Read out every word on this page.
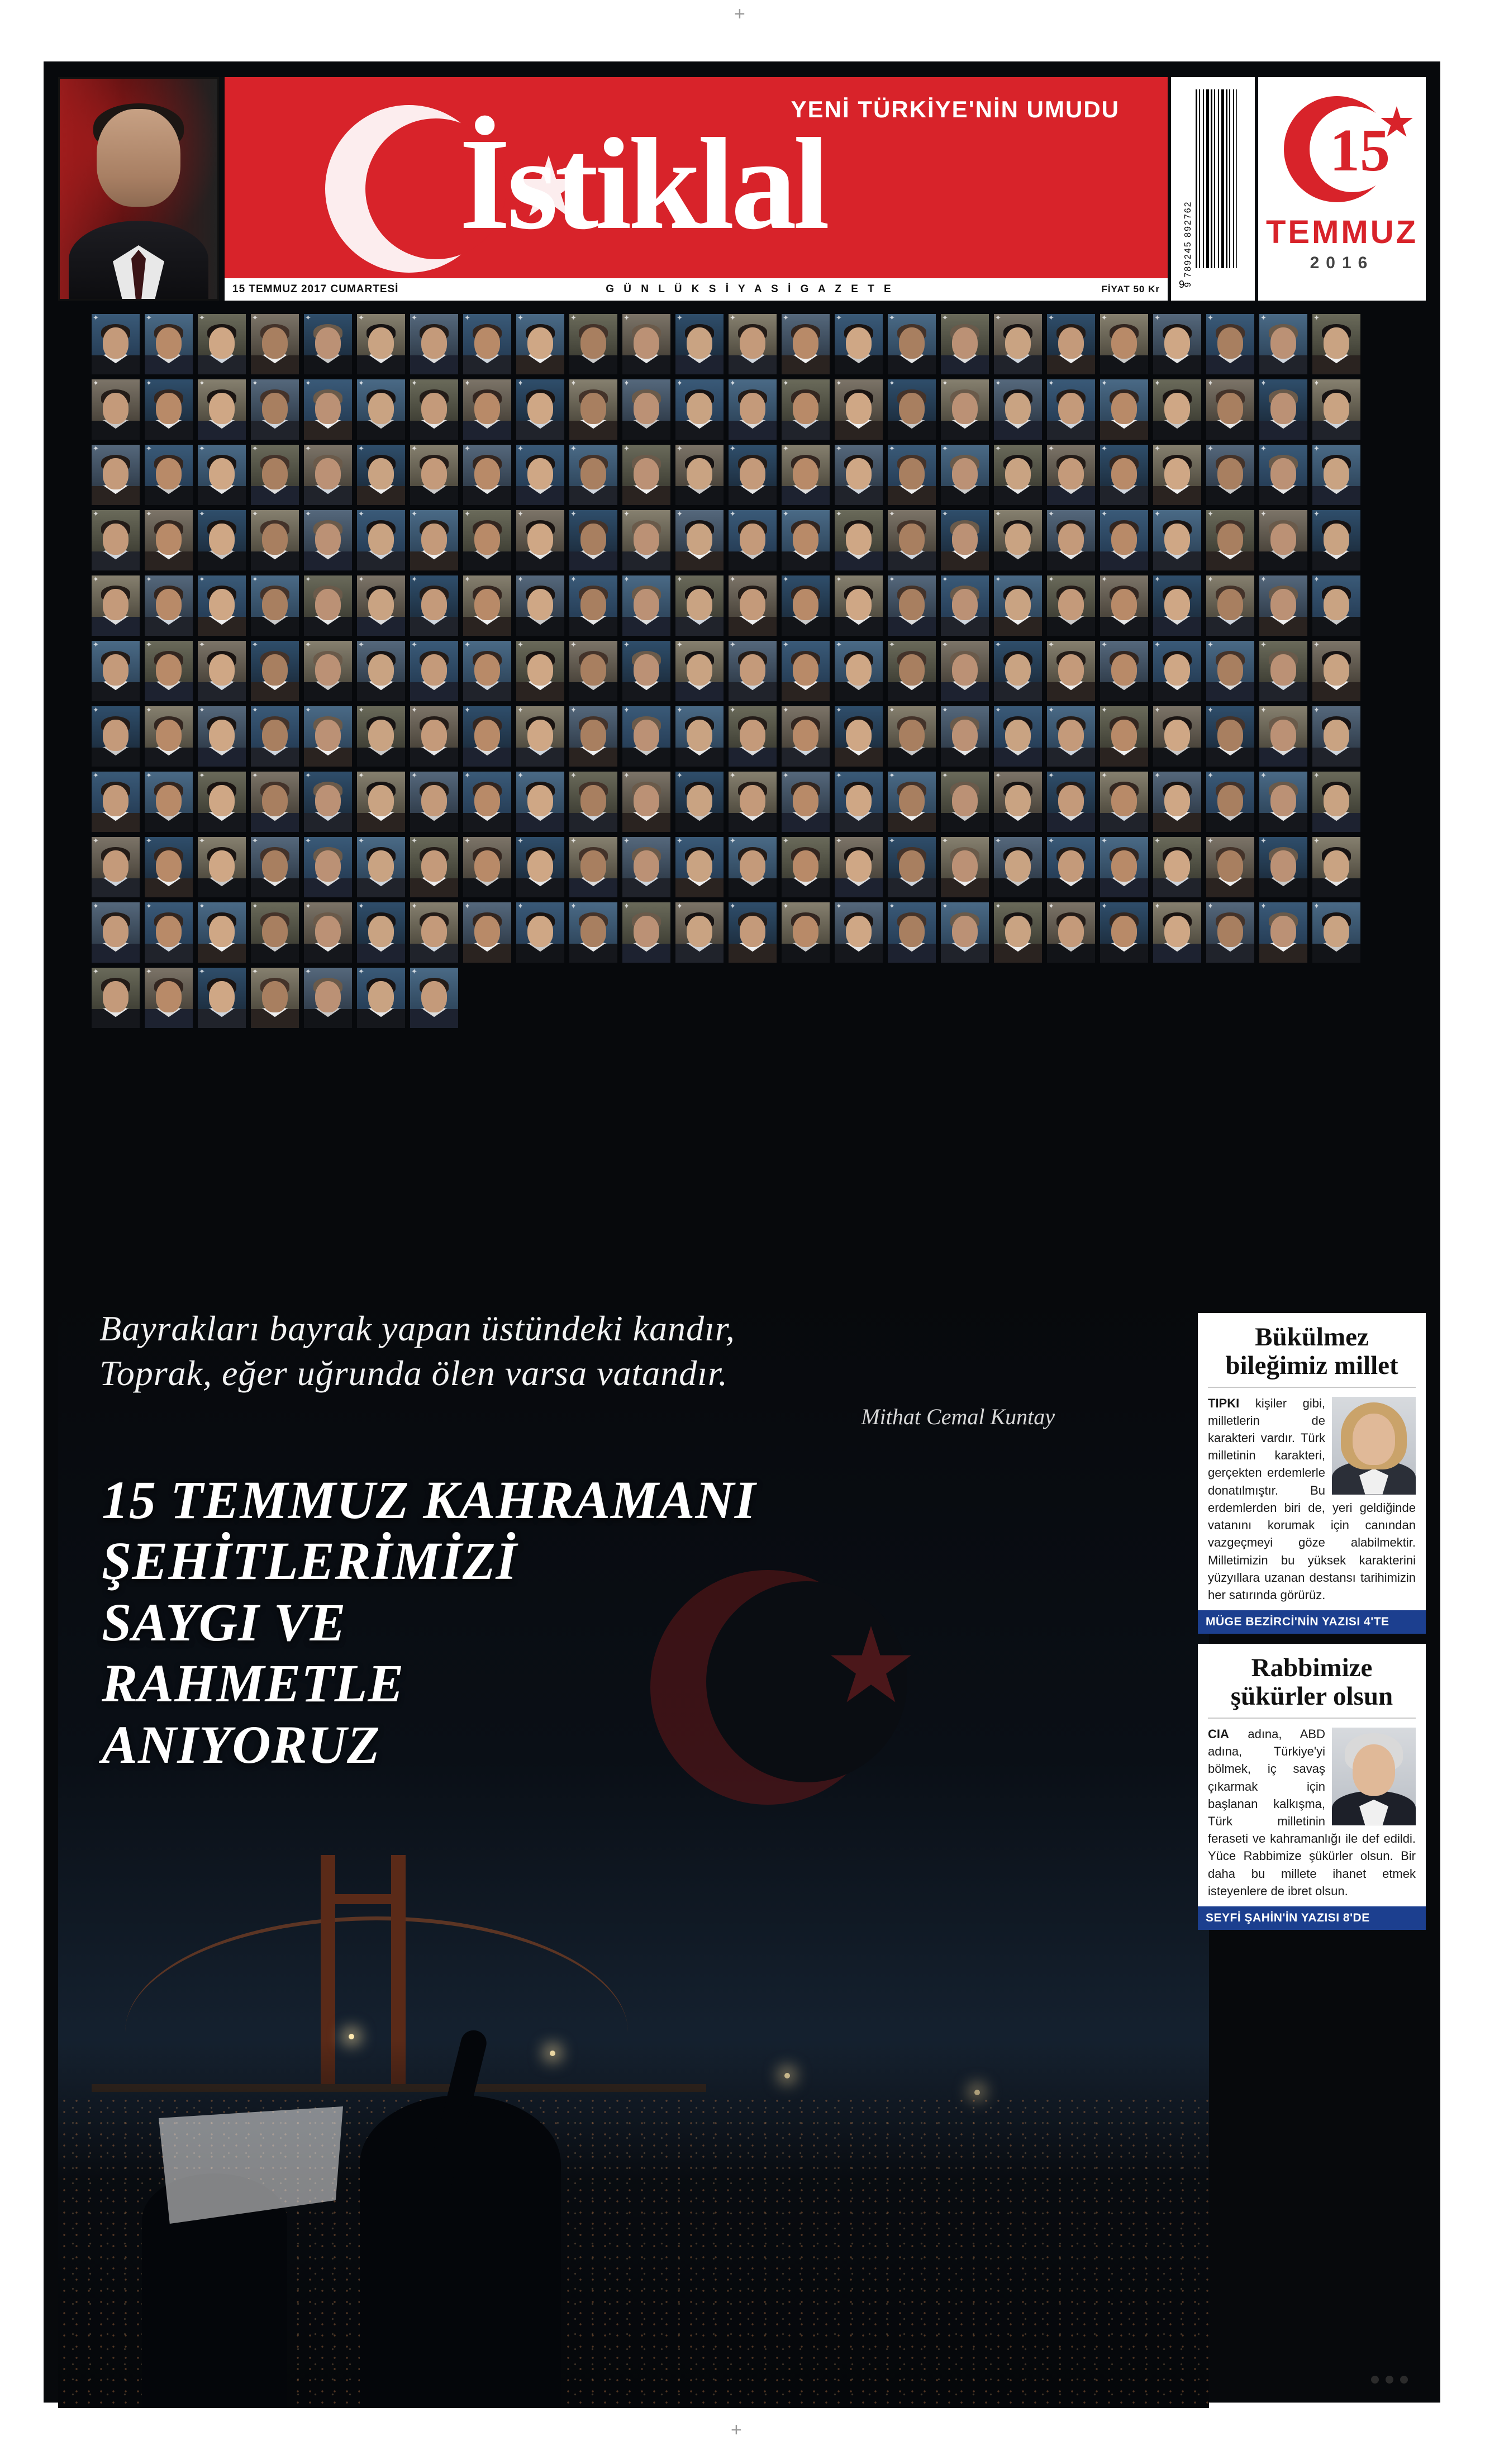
+
+
YENİ TÜRKİYE'NİN UMUDU
İstiklal
15 TEMMUZ 2017 CUMARTESİ	G Ü N L Ü K S İ Y A S İ G A Z E T E	FİYAT 50 Kr
9 789245 892762
9
15
TEMMUZ
2016
✦	✦	✦	✦	✦	✦	✦	✦	✦	✦	✦	✦	✦	✦	✦	✦	✦	✦	✦	✦	✦	✦	✦	✦
✦	✦	✦	✦	✦	✦	✦	✦	✦	✦	✦	✦	✦	✦	✦	✦	✦	✦	✦	✦	✦	✦	✦	✦
✦	✦	✦	✦	✦	✦	✦	✦	✦	✦	✦	✦	✦	✦	✦	✦	✦	✦	✦	✦	✦	✦	✦	✦
✦	✦	✦	✦	✦	✦	✦	✦	✦	✦	✦	✦	✦	✦	✦	✦	✦	✦	✦	✦	✦	✦	✦	✦
✦	✦	✦	✦	✦	✦	✦	✦	✦	✦	✦	✦	✦	✦	✦	✦	✦	✦	✦	✦	✦	✦	✦	✦
✦	✦	✦	✦	✦	✦	✦	✦	✦	✦	✦	✦	✦	✦	✦	✦	✦	✦	✦	✦	✦	✦	✦	✦
✦	✦	✦	✦	✦	✦	✦	✦	✦	✦	✦	✦	✦	✦	✦	✦	✦	✦	✦	✦	✦	✦	✦	✦
✦	✦	✦	✦	✦	✦	✦	✦	✦	✦	✦	✦	✦	✦	✦	✦	✦	✦	✦	✦	✦	✦	✦	✦
✦	✦	✦	✦	✦	✦	✦	✦	✦	✦	✦	✦	✦	✦	✦	✦	✦	✦	✦	✦	✦	✦	✦	✦
✦	✦	✦	✦	✦	✦	✦	✦	✦	✦	✦	✦	✦	✦	✦	✦	✦	✦	✦	✦	✦	✦	✦	✦
✦	✦	✦	✦	✦	✦	✦
Bayrakları bayrak yapan üstündeki kandır,
Toprak, eğer uğrunda ölen varsa vatandır.
Mithat Cemal Kuntay
15 TEMMUZ KAHRAMANI
ŞEHİTLERİMİZİ
SAYGI VE
RAHMETLE
ANIYORUZ
Bükülmez
bileğimiz millet
TIPKI kişiler gibi, milletlerin de karakteri vardır. Türk milletinin karakteri, gerçekten erdemlerle donatılmıştır. Bu erdemlerden biri de, yeri geldiğinde vatanını korumak için canından vazgeçmeyi göze alabilmektir. Milletimizin bu yüksek karakterini yüzyıllara uzanan destansı tarihimizin her satırında görürüz.
MÜGE BEZİRCİ'NİN YAZISI 4'TE
Rabbimize
şükürler olsun
CIA adına, ABD adına, Türkiye'yi bölmek, iç savaş çıkarmak için başlanan kalkışma, Türk milletinin feraseti ve kahramanlığı ile def edildi. Yüce Rabbimize şükürler olsun. Bir daha bu millete ihanet etmek isteyenlere de ibret olsun.
SEYFİ ŞAHİN'İN YAZISI 8'DE
